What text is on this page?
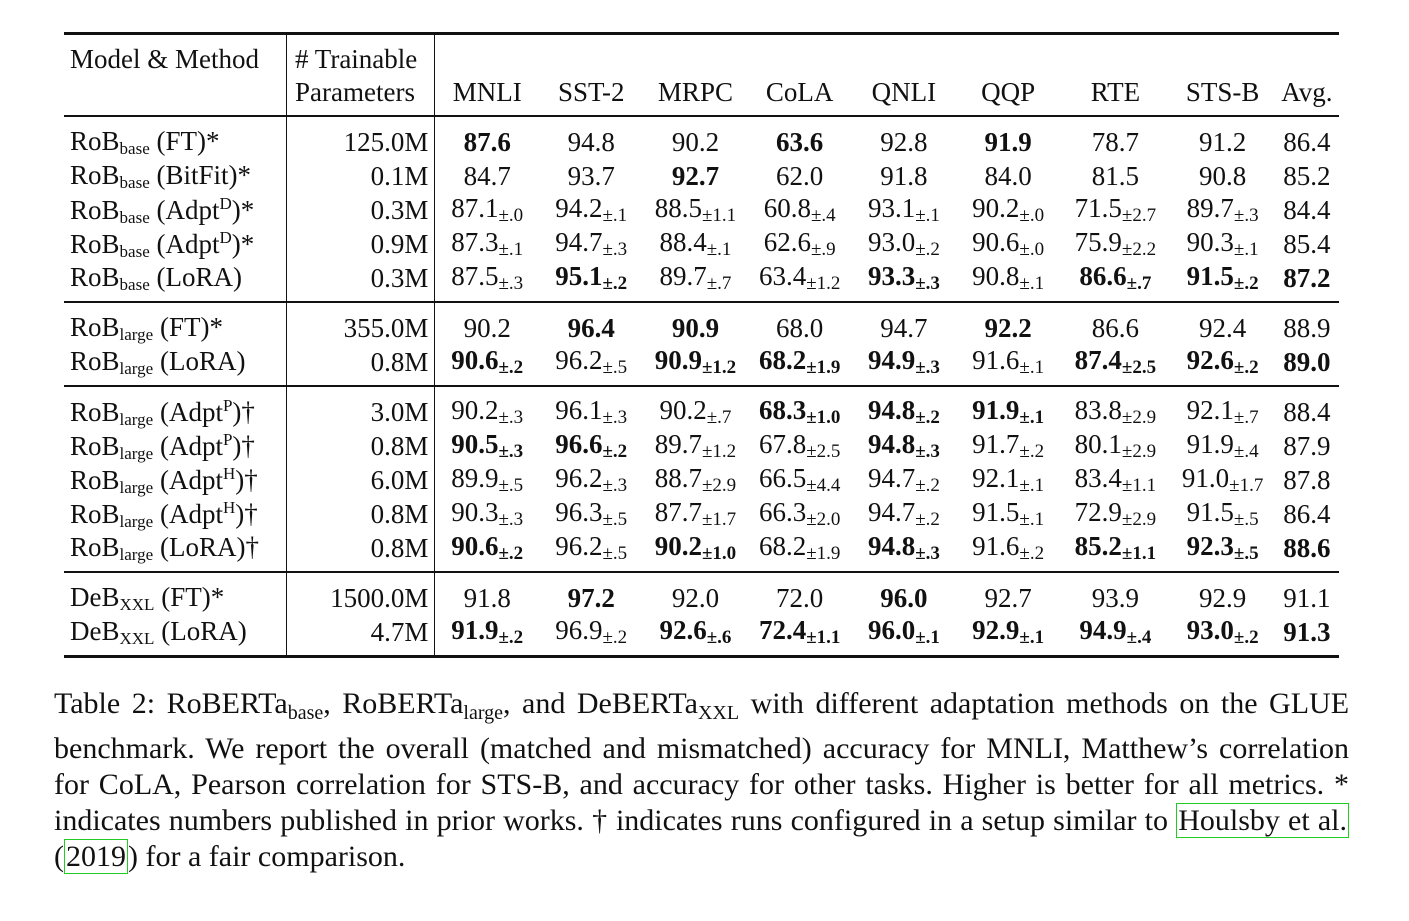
Model & Method	# Trainable									
	Parameters	MNLI	SST-2	MRPC	CoLA	QNLI	QQP	RTE	STS-B	Avg.
RoB$_{base}$ (FT)*	125.0M	87.6	94.8	90.2	63.6	92.8	91.9	78.7	91.2	86.4
RoB$_{base}$ (BitFit)*	0.1M	84.7	93.7	92.7	62.0	91.8	84.0	81.5	90.8	85.2
RoB$_{base}$ (Adpt$^D$)*	0.3M	87.1±.0	94.2±.1	88.5±1.1	60.8±.4	93.1±.1	90.2±.0	71.5±2.7	89.7±.3	84.4
RoB$_{base}$ (Adpt$^D$)*	0.9M	87.3±.1	94.7±.3	88.4±.1	62.6±.9	93.0±.2	90.6±.0	75.9±2.2	90.3±.1	85.4
RoB$_{base}$ (LoRA)	0.3M	87.5±.3	95.1±.2	89.7±.7	63.4±1.2	93.3±.3	90.8±.1	86.6±.7	91.5±.2	87.2
RoB$_{large}$ (FT)*	355.0M	90.2	96.4	90.9	68.0	94.7	92.2	86.6	92.4	88.9
RoB$_{large}$ (LoRA)	0.8M	90.6±.2	96.2±.5	90.9±1.2	68.2±1.9	94.9±.3	91.6±.1	87.4±2.5	92.6±.2	89.0
RoB$_{large}$ (Adpt$^P$)†	3.0M	90.2±.3	96.1±.3	90.2±.7	68.3±1.0	94.8±.2	91.9±.1	83.8±2.9	92.1±.7	88.4
RoB$_{large}$ (Adpt$^P$)†	0.8M	90.5±.3	96.6±.2	89.7±1.2	67.8±2.5	94.8±.3	91.7±.2	80.1±2.9	91.9±.4	87.9
RoB$_{large}$ (Adpt$^H$)†	6.0M	89.9±.5	96.2±.3	88.7±2.9	66.5±4.4	94.7±.2	92.1±.1	83.4±1.1	91.0±1.7	87.8
RoB$_{large}$ (Adpt$^H$)†	0.8M	90.3±.3	96.3±.5	87.7±1.7	66.3±2.0	94.7±.2	91.5±.1	72.9±2.9	91.5±.5	86.4
RoB$_{large}$ (LoRA)†	0.8M	90.6±.2	96.2±.5	90.2±1.0	68.2±1.9	94.8±.3	91.6±.2	85.2±1.1	92.3±.5	88.6
DeB$_{XXL}$ (FT)*	1500.0M	91.8	97.2	92.0	72.0	96.0	92.7	93.9	92.9	91.1
DeB$_{XXL}$ (LoRA)	4.7M	91.9±.2	96.9±.2	92.6±.6	72.4±1.1	96.0±.1	92.9±.1	94.9±.4	93.0±.2	91.3
Table 2: RoBERTa$_{base}$, RoBERTa$_{large}$, and DeBERTa$_{XXL}$ with different adaptation methods on the GLUE benchmark. We report the overall (matched and mismatched) accuracy for MNLI, Matthew’s correlation for CoLA, Pearson correlation for STS-B, and accuracy for other tasks. Higher is better for all metrics. * indicates numbers published in prior works. † indicates runs configured in a setup similar to Houlsby et al. (2019) for a fair comparison.
